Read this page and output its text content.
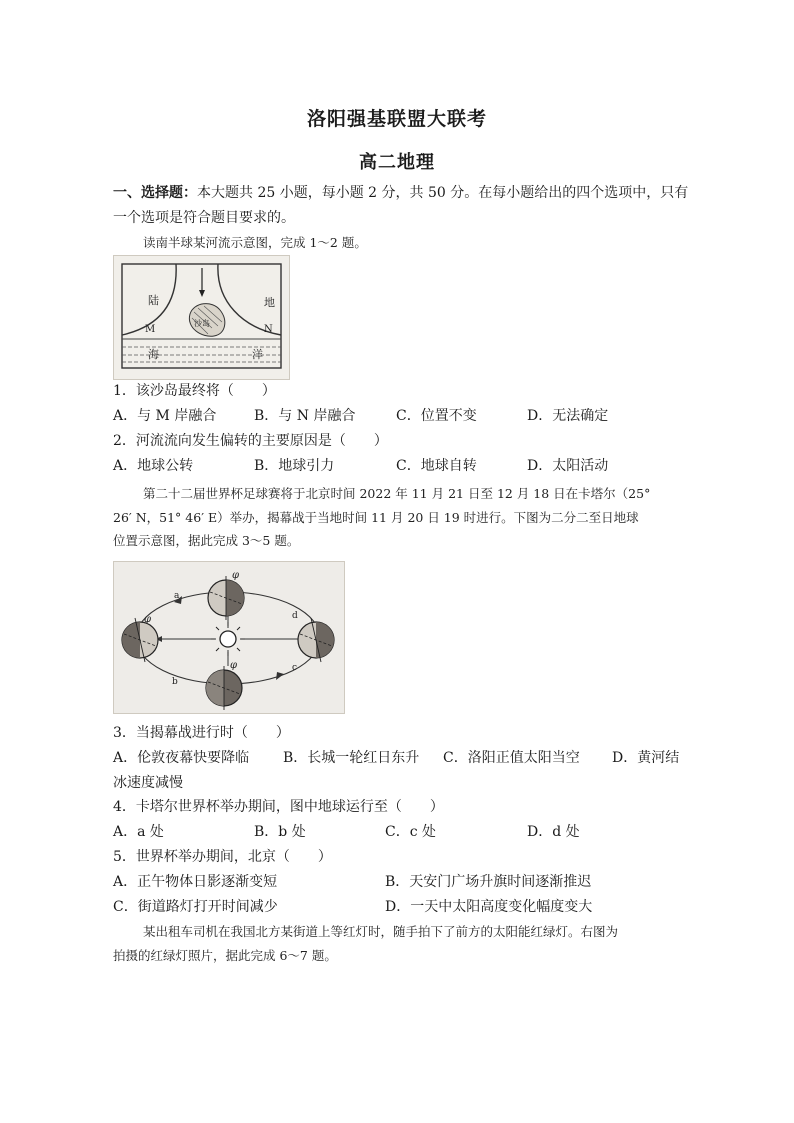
洛阳强基联盟大联考
高二地理
一、选择题：本大题共 25 小题，每小题 2 分，共 50 分。在每小题给出的四个选项中，只有
一个选项是符合题目要求的。
读南半球某河流示意图，完成 1～2 题。
陆	地
M	N
沙岛
海	洋
1．该沙岛最终将（　　）
A．与 M 岸融合	B．与 N 岸融合	C．位置不变	D．无法确定
2．河流流向发生偏转的主要原因是（　　）
A．地球公转	B．地球引力	C．地球自转	D．太阳活动
第二十二届世界杯足球赛将于北京时间 2022 年 11 月 21 日至 12 月 18 日在卡塔尔（25°
26′ N，51° 46′ E）举办，揭幕战于当地时间 11 月 20 日 19 时进行。下图为二分二至日地球
位置示意图，据此完成 3～5 题。
a
b
c
d
φ
φ
φ
3．当揭幕战进行时（　　）
A．伦敦夜幕快要降临 B．长城一轮红日东升 C．洛阳正值太阳当空 D．黄河结
冰速度减慢
4．卡塔尔世界杯举办期间，图中地球运行至（　　）
A．a 处	B．b 处	C．c 处	D．d 处
5．世界杯举办期间，北京（　　）
A．正午物体日影逐渐变短	B．天安门广场升旗时间逐渐推迟
C．街道路灯打开时间减少	D．一天中太阳高度变化幅度变大
某出租车司机在我国北方某街道上等红灯时，随手拍下了前方的太阳能红绿灯。右图为
拍摄的红绿灯照片，据此完成 6～7 题。
